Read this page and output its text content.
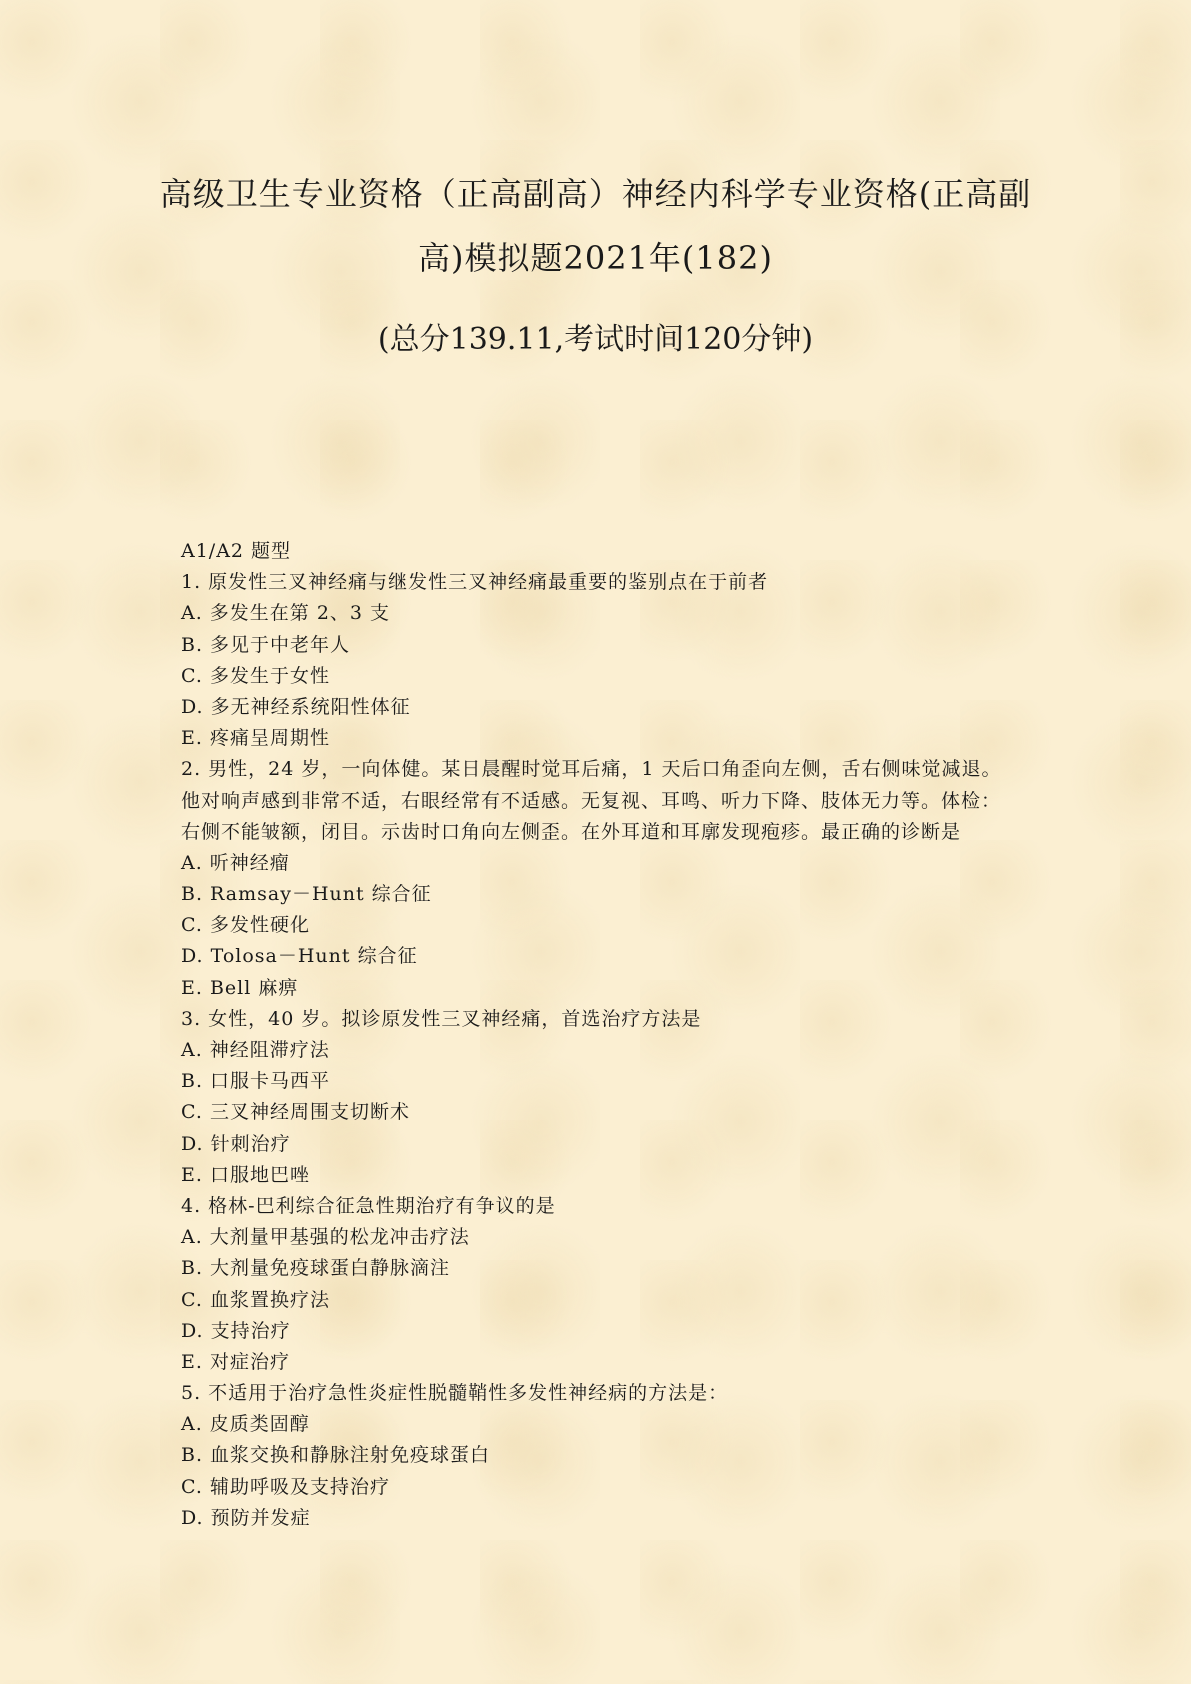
高级卫生专业资格（正高副高）神经内科学专业资格(正高副
高)模拟题2021年(182)
(总分139.11,考试时间120分钟)
A1/A2 题型
1. 原发性三叉神经痛与继发性三叉神经痛最重要的鉴别点在于前者
A. 多发生在第 2、3 支
B. 多见于中老年人
C. 多发生于女性
D. 多无神经系统阳性体征
E. 疼痛呈周期性
2. 男性，24 岁，一向体健。某日晨醒时觉耳后痛，1 天后口角歪向左侧，舌右侧味觉减退。
他对响声感到非常不适，右眼经常有不适感。无复视、耳鸣、听力下降、肢体无力等。体检：
右侧不能皱额，闭目。示齿时口角向左侧歪。在外耳道和耳廓发现疱疹。最正确的诊断是
A. 听神经瘤
B. Ramsay－Hunt 综合征
C. 多发性硬化
D. Tolosa－Hunt 综合征
E. Bell 麻痹
3. 女性，40 岁。拟诊原发性三叉神经痛，首选治疗方法是
A. 神经阻滞疗法
B. 口服卡马西平
C. 三叉神经周围支切断术
D. 针刺治疗
E. 口服地巴唑
4. 格林-巴利综合征急性期治疗有争议的是
A. 大剂量甲基强的松龙冲击疗法
B. 大剂量免疫球蛋白静脉滴注
C. 血浆置换疗法
D. 支持治疗
E. 对症治疗
5. 不适用于治疗急性炎症性脱髓鞘性多发性神经病的方法是：
A. 皮质类固醇
B. 血浆交换和静脉注射免疫球蛋白
C. 辅助呼吸及支持治疗
D. 预防并发症
